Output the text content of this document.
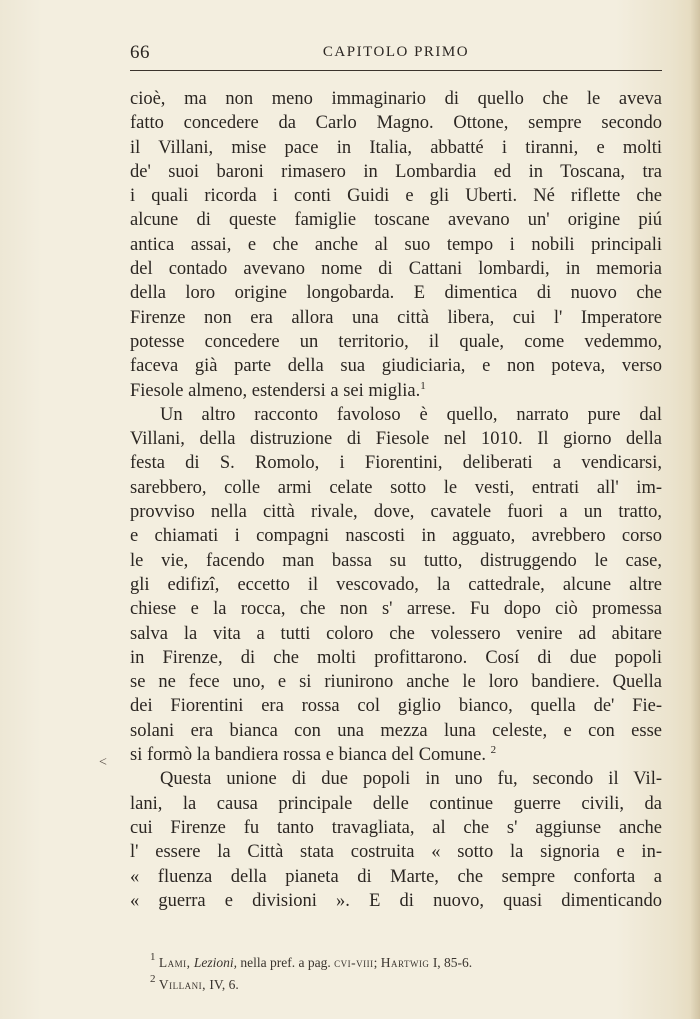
66	CAPITOLO PRIMO
cioè, ma non meno immaginario di quello che le aveva
fatto concedere da Carlo Magno. Ottone, sempre secondo
il Villani, mise pace in Italia, abbatté i tiranni, e molti
de' suoi baroni rimasero in Lombardia ed in Toscana, tra
i quali ricorda i conti Guidi e gli Uberti. Né riflette che
alcune di queste famiglie toscane avevano un' origine piú
antica assai, e che anche al suo tempo i nobili principali
del contado avevano nome di Cattani lombardi, in memoria
della loro origine longobarda. E dimentica di nuovo che
Firenze non era allora una città libera, cui l' Imperatore
potesse concedere un territorio, il quale, come vedemmo,
faceva già parte della sua giudiciaria, e non poteva, verso
Fiesole almeno, estendersi a sei miglia.$^1$
Un altro racconto favoloso è quello, narrato pure dal
Villani, della distruzione di Fiesole nel 1010. Il giorno della
festa di S. Romolo, i Fiorentini, deliberati a vendicarsi,
sarebbero, colle armi celate sotto le vesti, entrati all' im-
provviso nella città rivale, dove, cavatele fuori a un tratto,
e chiamati i compagni nascosti in agguato, avrebbero corso
le vie, facendo man bassa su tutto, distruggendo le case,
gli edifizî, eccetto il vescovado, la cattedrale, alcune altre
chiese e la rocca, che non s' arrese. Fu dopo ciò promessa
salva la vita a tutti coloro che volessero venire ad abitare
in Firenze, di che molti profittarono. Cosí di due popoli
se ne fece uno, e si riunirono anche le loro bandiere. Quella
dei Fiorentini era rossa col giglio bianco, quella de' Fie-
solani era bianca con una mezza luna celeste, e con esse
si formò la bandiera rossa e bianca del Comune. $^2$
Questa unione di due popoli in uno fu, secondo il Vil-
lani, la causa principale delle continue guerre civili, da
cui Firenze fu tanto travagliata, al che s' aggiunse anche
l' essere la Città stata costruita « sotto la signoria e in-
« fluenza della pianeta di Marte, che sempre conforta a
« guerra e divisioni ». E di nuovo, quasi dimenticando
<
$^1$ Lami, Lezioni, nella pref. a pag. cvi-viii; Hartwig I, 85-6.
$^2$ Villani, IV, 6.
